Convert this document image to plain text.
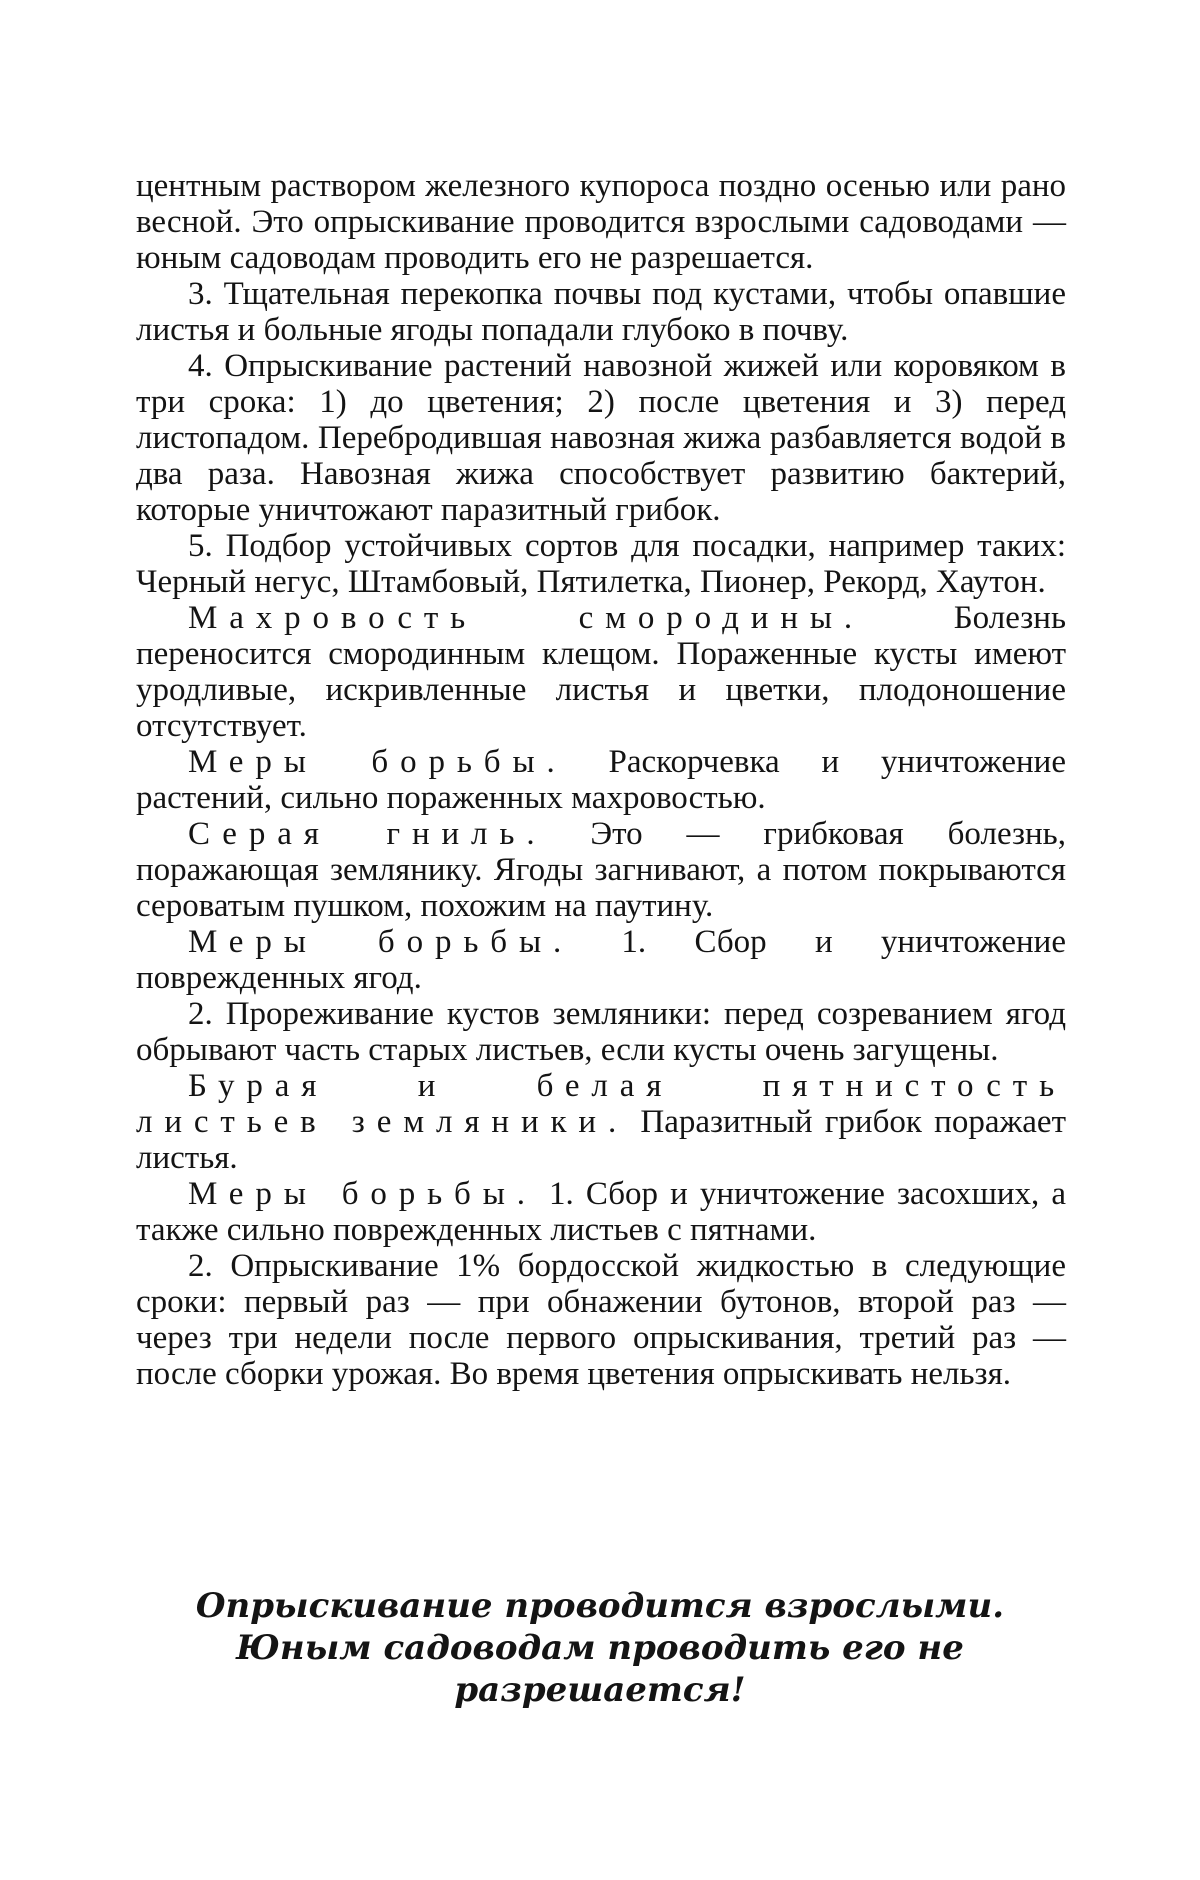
центным раствором железного купороса поздно осенью или рано весной. Это опрыскивание проводится взрослыми садоводами — юным садоводам проводить его не разрешается.

3. Тщательная перекопка почвы под кустами, чтобы опавшие листья и больные ягоды попадали глубоко в почву.

4. Опрыскивание растений навозной жижей или коровяком в три срока: 1) до цветения; 2) после цветения и 3) перед листопадом. Перебродившая навозная жижа разбавляется водой в два раза. Навозная жижа способствует развитию бактерий, которые уничтожают паразитный грибок.

5. Подбор устойчивых сортов для посадки, например таких: Черный негус, Штамбовый, Пятилетка, Пионер, Рекорд, Хаутон.

Махровость смородины. Болезнь переносится смородинным клещом. Пораженные кусты имеют уродливые, искривленные листья и цветки, плодоношение отсутствует.

Меры борьбы. Раскорчевка и уничтожение растений, сильно пораженных махровостью.

Серая гниль. Это — грибковая болезнь, поражающая землянику. Ягоды загнивают, а потом покрываются сероватым пушком, похожим на паутину.

Меры борьбы. 1. Сбор и уничтожение поврежденных ягод.

2. Прореживание кустов земляники: перед созреванием ягод обрывают часть старых листьев, если кусты очень загущены.

Бурая и белая пятнистость листьев земляники. Паразитный грибок поражает листья.

Меры борьбы. 1. Сбор и уничтожение засохших, а также сильно поврежденных листьев с пятнами.

2. Опрыскивание 1% бордосской жидкостью в следующие сроки: первый раз — при обнажении бутонов, второй раз — через три недели после первого опрыскивания, третий раз — после сборки урожая. Во время цветения опрыскивать нельзя.

Опрыскивание проводится взрослыми.
Юным садоводам проводить его не разрешается!
